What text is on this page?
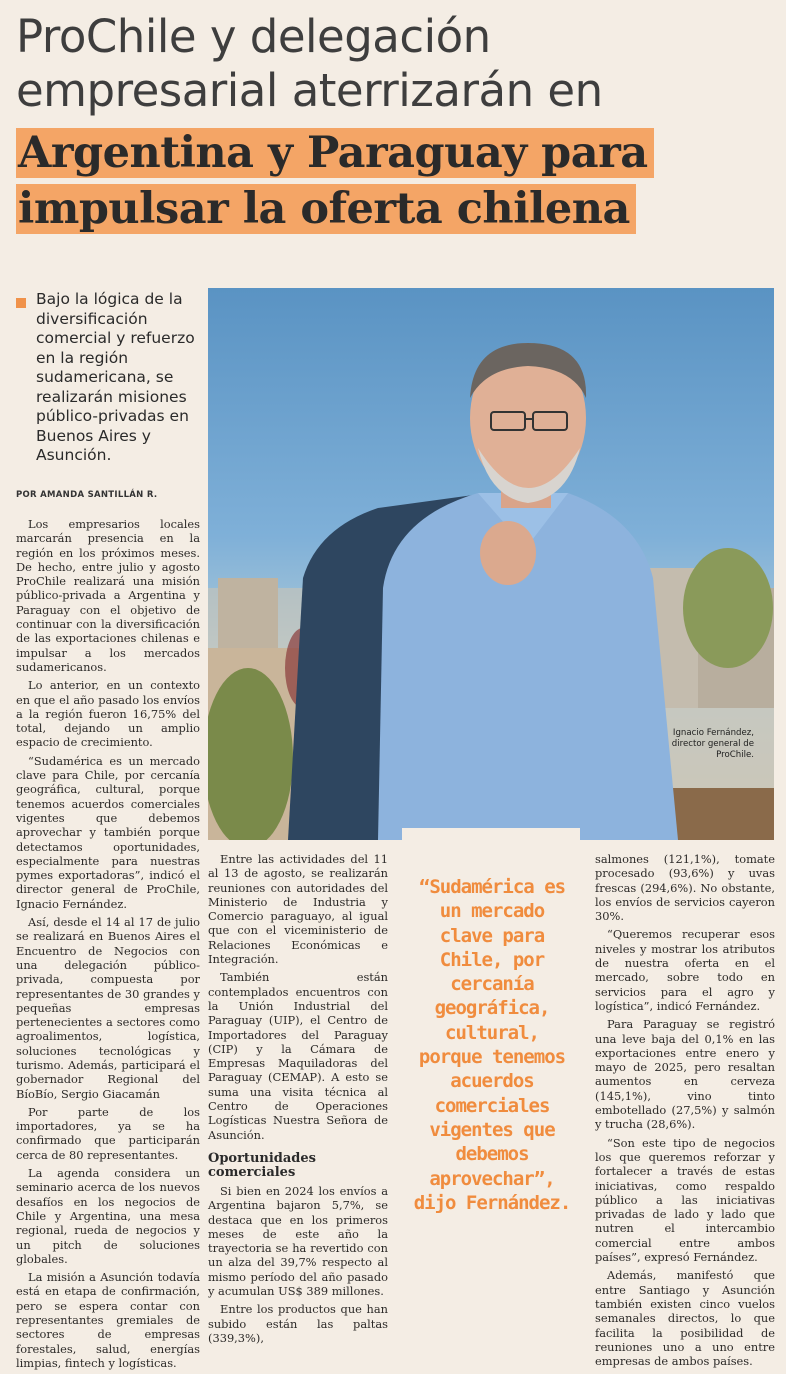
ProChile y delegación
empresarial aterrizarán en
Argentina y Paraguay para
impulsar la oferta chilena
Bajo la lógica de la diversificación comercial y refuerzo en la región sudamericana, se realizarán misiones público-privadas en Buenos Aires y Asunción.
POR AMANDA SANTILLÁN R.
Ignacio Fernández,
director general de
ProChile.

Los empresarios locales marcarán presencia en la región en los próximos meses. De hecho, entre julio y agosto ProChile realizará una misión público-privada a Argentina y Paraguay con el objetivo de continuar con la diversificación de las exportaciones chilenas e impulsar a los mercados sudamericanos.

Lo anterior, en un contexto en que el año pasado los envíos a la región fueron 16,75% del total, dejando un amplio espacio de crecimiento.

“Sudamérica es un mercado clave para Chile, por cercanía geográfica, cultural, porque tenemos acuerdos comerciales vigentes que debemos aprovechar y también porque detectamos oportunidades, especialmente para nuestras pymes exportadoras”, indicó el director general de ProChile, Ignacio Fernández.

Así, desde el 14 al 17 de julio se realizará en Buenos Aires el Encuentro de Negocios con una delegación público-privada, compuesta por representantes de 30 grandes y pequeñas empresas pertenecientes a sectores como agroalimentos, logística, soluciones tecnológicas y turismo. Además, participará el gobernador Regional del BíoBío, Sergio Giacamán

Por parte de los importadores, ya se ha confirmado que participarán cerca de 80 representantes.

La agenda considera un seminario acerca de los nuevos desafíos en los negocios de Chile y Argentina, una mesa regional, rueda de negocios y un pitch de soluciones globales.

La misión a Asunción todavía está en etapa de confirmación, pero se espera contar con representantes gremiales de sectores de empresas forestales, salud, energías limpias, fintech y logísticas.

Entre las actividades del 11 al 13 de agosto, se realizarán reuniones con autoridades del Ministerio de Industria y Comercio paraguayo, al igual que con el viceministerio de Relaciones Económicas e Integración.

También están contemplados encuentros con la Unión Industrial del Paraguay (UIP), el Centro de Importadores del Paraguay (CIP) y la Cámara de Empresas Maquiladoras del Paraguay (CEMAP). A esto se suma una visita técnica al Centro de Operaciones Logísticas Nuestra Señora de Asunción.

Oportunidades comerciales

Si bien en 2024 los envíos a Argentina bajaron 5,7%, se destaca que en los primeros meses de este año la trayectoria se ha revertido con un alza del 39,7% respecto al mismo período del año pasado y acumulan US$ 389 millones.

Entre los productos que han subido están las paltas (339,3%),

“Sudamérica es un mercado clave para Chile, por cercanía geográfica, cultural, porque tenemos acuerdos comerciales vigentes que debemos aprovechar”, dijo Fernández.

salmones (121,1%), tomate procesado (93,6%) y uvas frescas (294,6%). No obstante, los envíos de servicios cayeron 30%.

“Queremos recuperar esos niveles y mostrar los atributos de nuestra oferta en el mercado, sobre todo en servicios para el agro y logística”, indicó Fernández.

Para Paraguay se registró una leve baja del 0,1% en las exportaciones entre enero y mayo de 2025, pero resaltan aumentos en cerveza (145,1%), vino tinto embotellado (27,5%) y salmón y trucha (28,6%).

“Son este tipo de negocios los que queremos reforzar y fortalecer a través de estas iniciativas, como respaldo público a las iniciativas privadas de lado y lado que nutren el intercambio comercial entre ambos países”, expresó Fernández.

Además, manifestó que entre Santiago y Asunción también existen cinco vuelos semanales directos, lo que facilita la posibilidad de reuniones uno a uno entre empresas de ambos países.
